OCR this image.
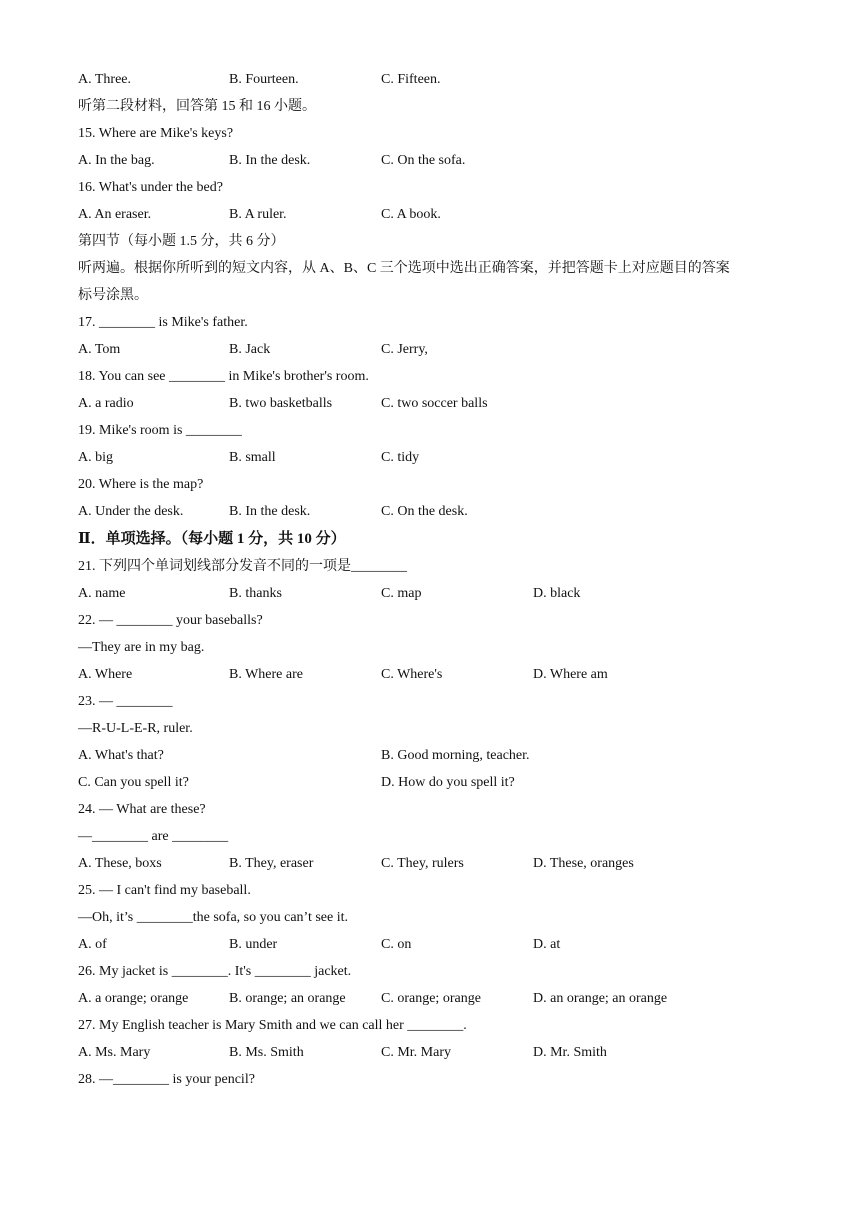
A. Three.	B. Fourteen.	C. Fifteen.
听第二段材料，回答第 15 和 16 小题。
15. Where are Mike's keys?
A. In the bag.	B. In the desk.	C. On the sofa.
16. What's under the bed?
A. An eraser.	B. A ruler.	C. A book.
第四节（每小题 1.5 分，共 6 分）
听两遍。根据你所听到的短文内容，从 A、B、C 三个选项中选出正确答案，并把答题卡上对应题目的答案
标号涂黑。
17. ________ is Mike's father.
A. Tom	B. Jack	C. Jerry,
18. You can see ________ in Mike's brother's room.
A. a radio	B. two basketballs	C. two soccer balls
19. Mike's room is ________
A. big	B. small	C. tidy
20. Where is the map?
A. Under the desk.	B. In the desk.	C. On the desk.
Ⅱ．单项选择。（每小题 1 分，共 10 分）
21. 下列四个单词划线部分发音不同的一项是________
A. name	B. thanks	C. map	D. black
22. — ________ your baseballs?
—They are in my bag.
A. Where	B. Where are	C. Where's	D. Where am
23. — ________
—R-U-L-E-R, ruler.
A. What's that?	B. Good morning, teacher.
C. Can you spell it?	D. How do you spell it?
24. — What are these?
—________ are ________
A. These, boxs	B. They, eraser	C. They, rulers	D. These, oranges
25. — I can't find my baseball.
—Oh, it’s ________the sofa, so you can’t see it.
A. of	B. under	C. on	D. at
26. My jacket is ________. It's ________ jacket.
A. a orange; orange	B. orange; an orange	C. orange; orange	D. an orange; an orange
27. My English teacher is Mary Smith and we can call her ________.
A. Ms. Mary	B. Ms. Smith	C. Mr. Mary	D. Mr. Smith
28. —________ is your pencil?
